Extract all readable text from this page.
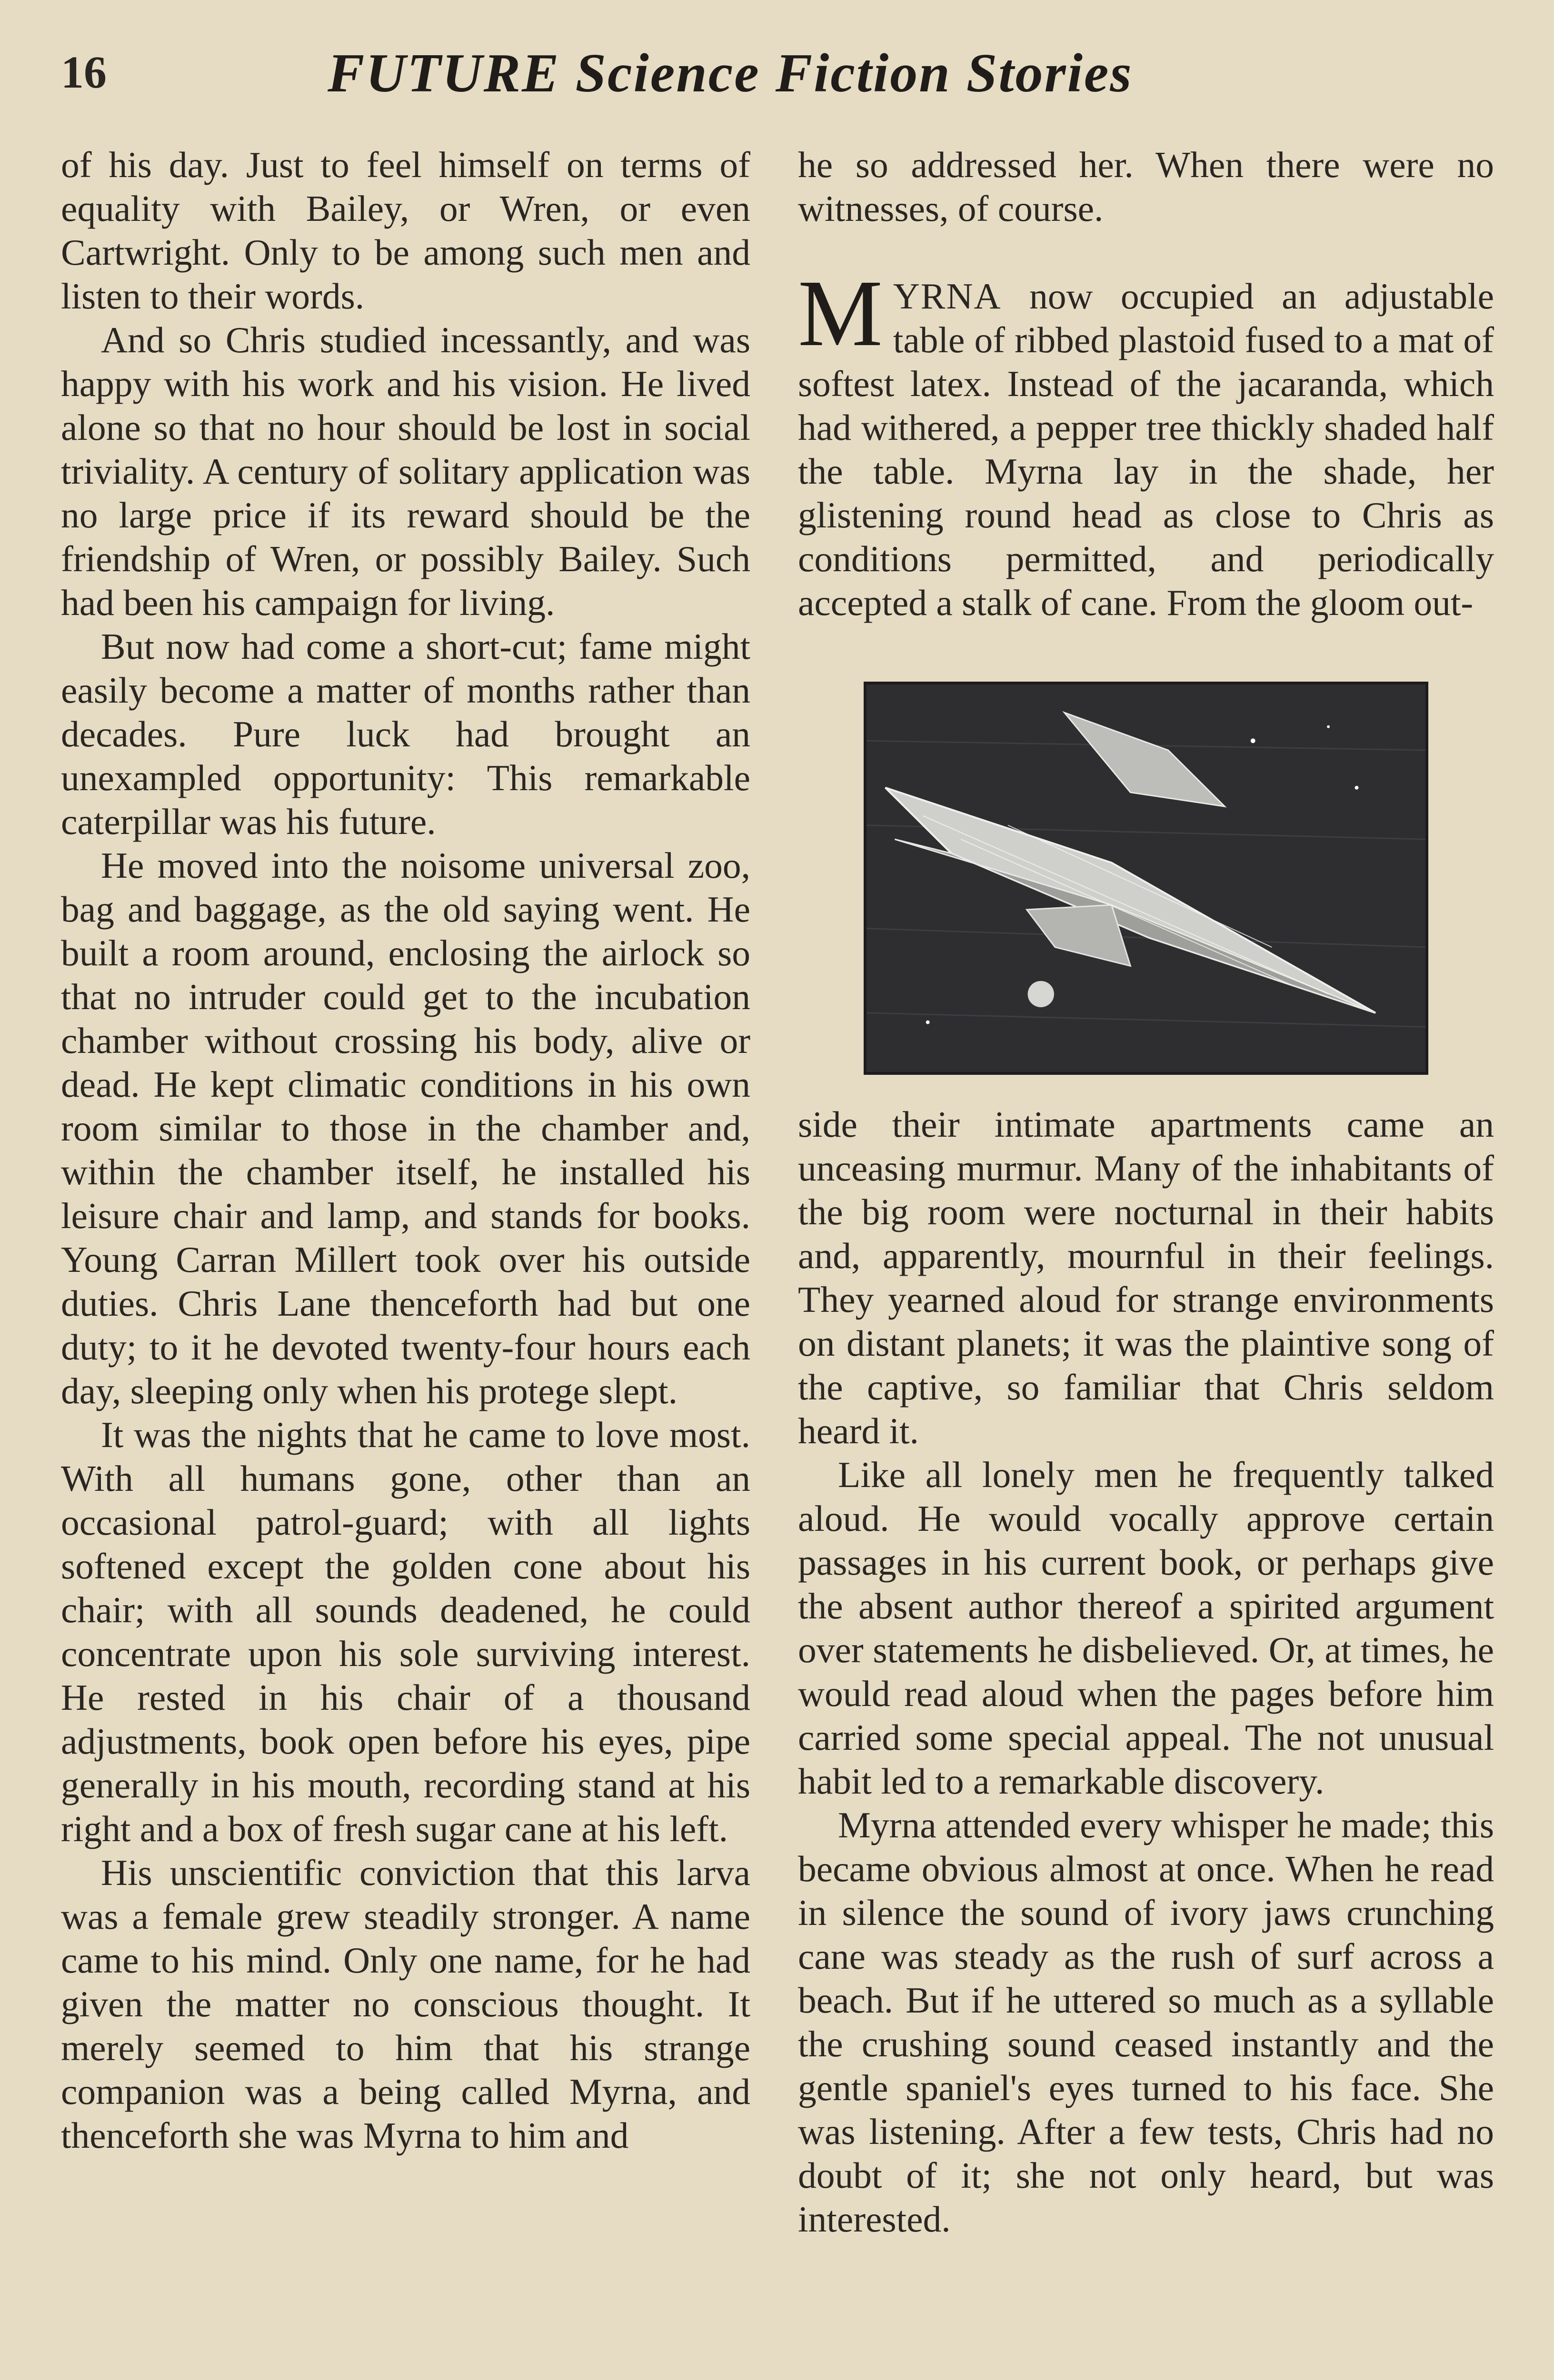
16	FUTURE Science Fiction Stories

of his day. Just to feel himself on terms of equality with Bailey, or Wren, or even Cartwright. Only to be among such men and listen to their words.

And so Chris studied incessantly, and was happy with his work and his vision. He lived alone so that no hour should be lost in social triviality. A century of solitary application was no large price if its reward should be the friendship of Wren, or possibly Bailey. Such had been his campaign for living.

But now had come a short-cut; fame might easily become a matter of months rather than decades. Pure luck had brought an unexampled opportunity: This remarkable caterpillar was his future.

He moved into the noisome universal zoo, bag and baggage, as the old saying went. He built a room around, enclosing the airlock so that no intruder could get to the incubation chamber without crossing his body, alive or dead. He kept climatic conditions in his own room similar to those in the chamber and, within the chamber itself, he installed his leisure chair and lamp, and stands for books. Young Carran Millert took over his outside duties. Chris Lane thenceforth had but one duty; to it he devoted twenty-four hours each day, sleeping only when his protege slept.

It was the nights that he came to love most. With all humans gone, other than an occasional patrol-guard; with all lights softened except the golden cone about his chair; with all sounds deadened, he could concentrate upon his sole surviving interest. He rested in his chair of a thousand adjustments, book open before his eyes, pipe generally in his mouth, recording stand at his right and a box of fresh sugar cane at his left.

His unscientific conviction that this larva was a female grew steadily stronger. A name came to his mind. Only one name, for he had given the matter no conscious thought. It merely seemed to him that his strange companion was a being called Myrna, and thenceforth she was Myrna to him and

he so addressed her. When there were no witnesses, of course.

MYRNA now occupied an adjustable table of ribbed plastoid fused to a mat of softest latex. Instead of the jacaranda, which had withered, a pepper tree thickly shaded half the table. Myrna lay in the shade, her glistening round head as close to Chris as conditions permitted, and periodically accepted a stalk of cane. From the gloom out-

side their intimate apartments came an unceasing murmur. Many of the inhabitants of the big room were nocturnal in their habits and, apparently, mournful in their feelings. They yearned aloud for strange environments on distant planets; it was the plaintive song of the captive, so familiar that Chris seldom heard it.

Like all lonely men he frequently talked aloud. He would vocally approve certain passages in his current book, or perhaps give the absent author thereof a spirited argument over statements he disbelieved. Or, at times, he would read aloud when the pages before him carried some special appeal. The not unusual habit led to a remarkable discovery.

Myrna attended every whisper he made; this became obvious almost at once. When he read in silence the sound of ivory jaws crunching cane was steady as the rush of surf across a beach. But if he uttered so much as a syllable the crushing sound ceased instantly and the gentle spaniel's eyes turned to his face. She was listening. After a few tests, Chris had no doubt of it; she not only heard, but was interested.
